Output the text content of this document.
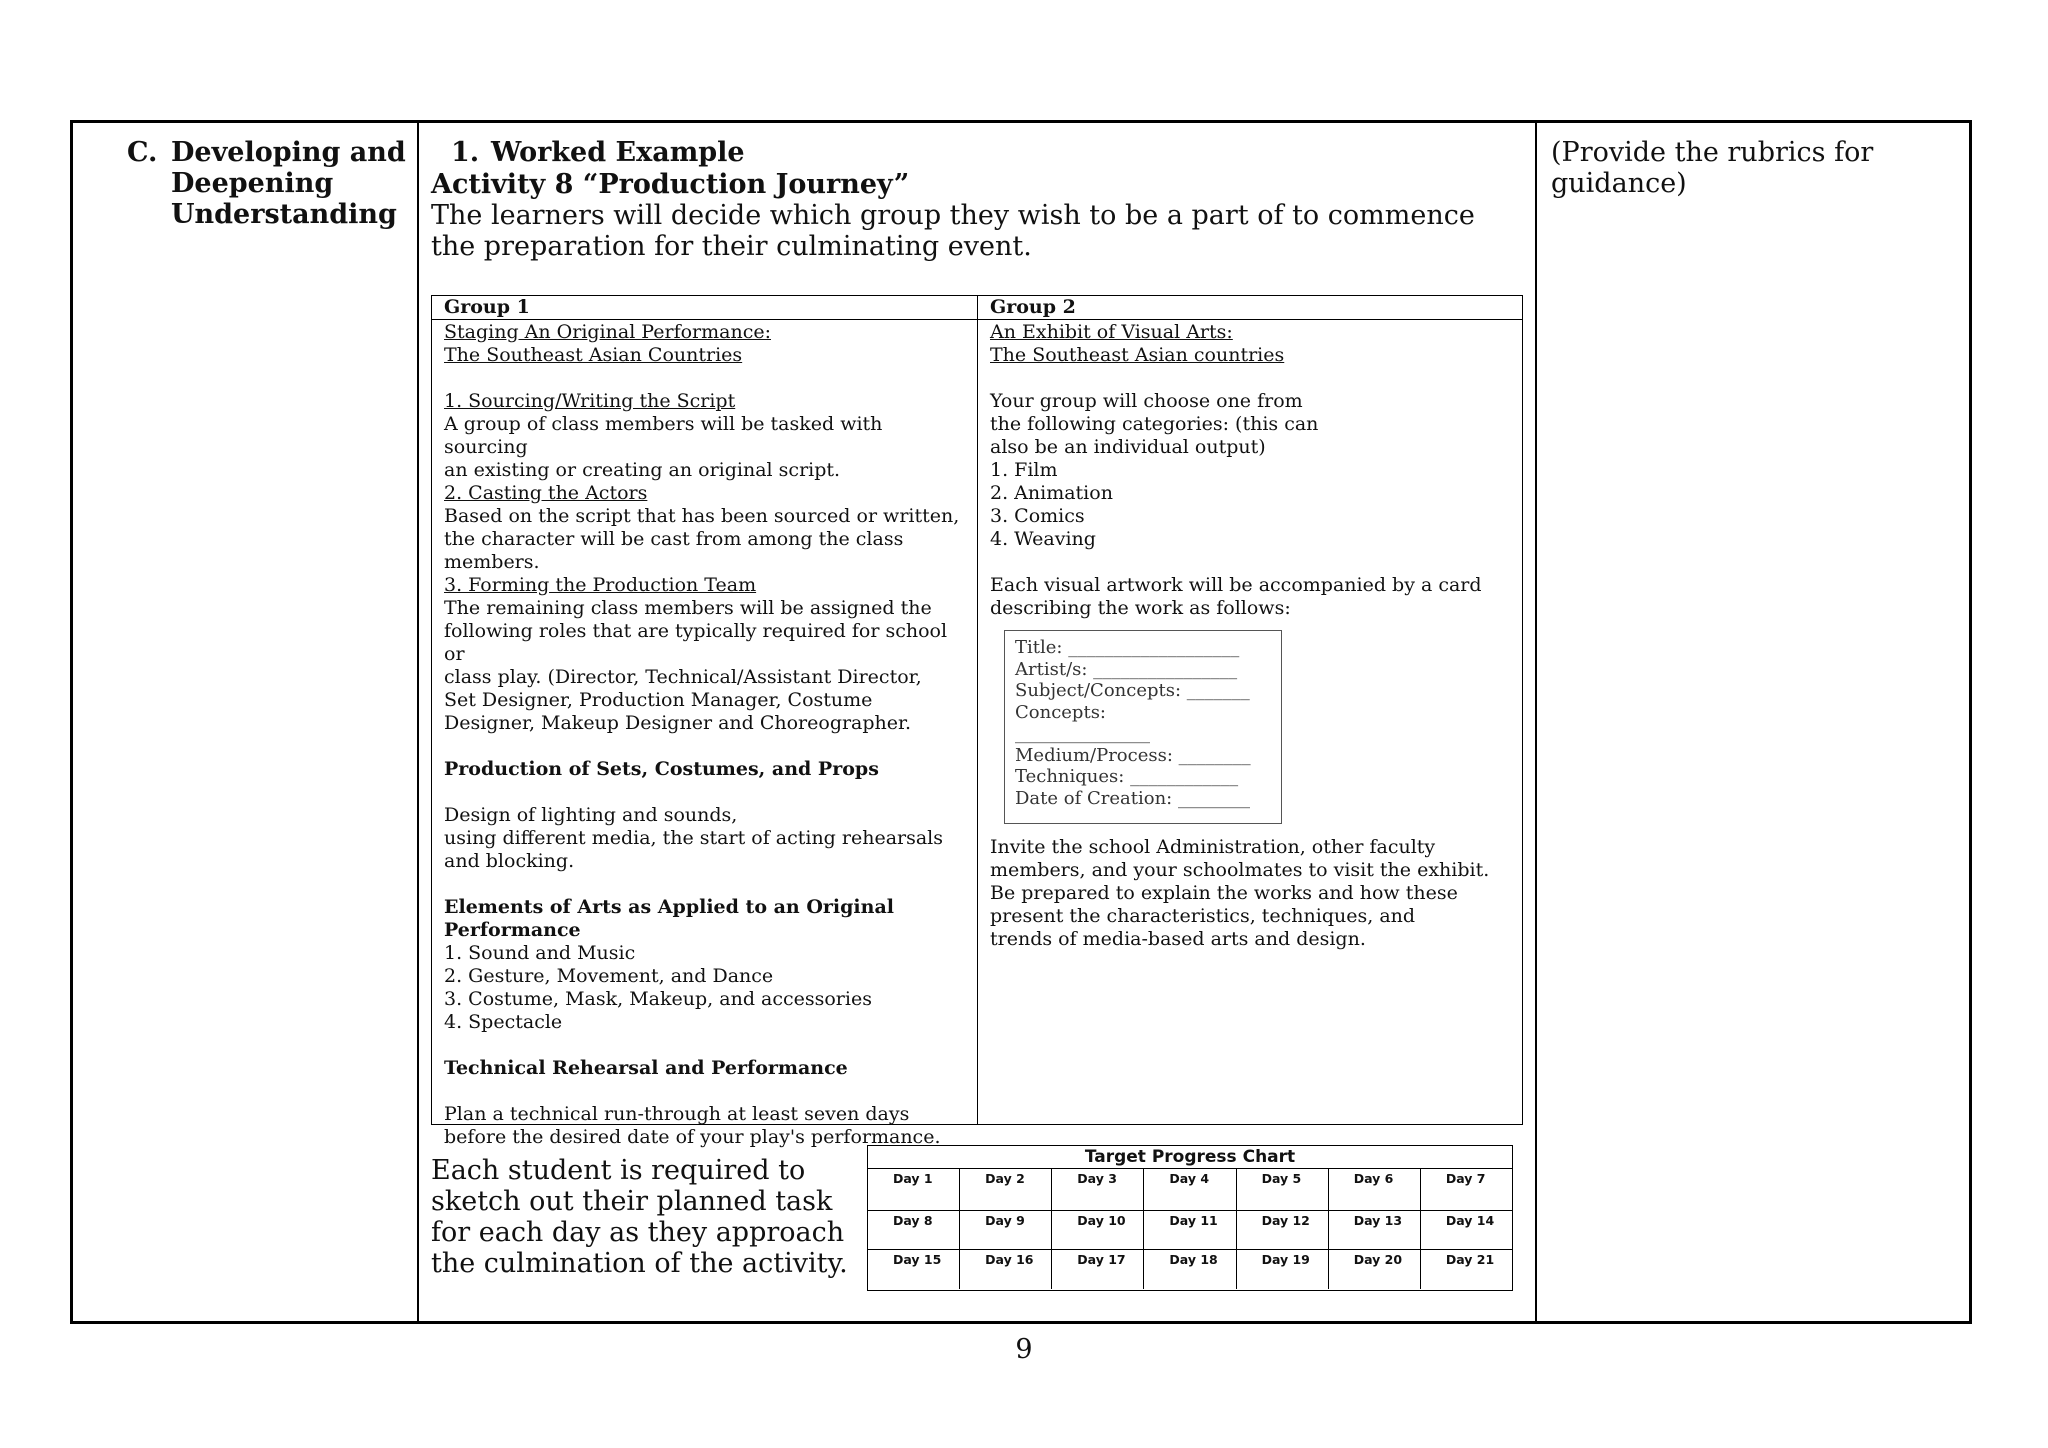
C. Developing and
Deepening
Understanding
1. Worked Example
Activity 8 “Production Journey”
The learners will decide which group they wish to be a part of to commence the preparation for their culminating event.
Group 1
Staging An Original Performance:
The Southeast Asian Countries
1. Sourcing/Writing the Script
A group of class members will be tasked with sourcing
an existing or creating an original script.
2. Casting the Actors
Based on the script that has been sourced or written,
the character will be cast from among the class
members.
3. Forming the Production Team
The remaining class members will be assigned the
following roles that are typically required for school or
class play. (Director, Technical/Assistant Director,
Set Designer, Production Manager, Costume
Designer, Makeup Designer and Choreographer.
Production of Sets, Costumes, and Props
Design of lighting and sounds,
using different media, the start of acting rehearsals
and blocking.
Elements of Arts as Applied to an Original
Performance
1. Sound and Music
2. Gesture, Movement, and Dance
3. Costume, Mask, Makeup, and accessories
4. Spectacle
Technical Rehearsal and Performance
Plan a technical run-through at least seven days
before the desired date of your play's performance.
Group 2
An Exhibit of Visual Arts:
The Southeast Asian countries
Your group will choose one from
the following categories: (this can
also be an individual output)
1. Film
2. Animation
3. Comics
4. Weaving
Each visual artwork will be accompanied by a card
describing the work as follows:
Title: ___________________
Artist/s: ________________
Subject/Concepts: _______
Concepts:
_______________
Medium/Process: ________
Techniques: ____________
Date of Creation: ________
Invite the school Administration, other faculty
members, and your schoolmates to visit the exhibit.
Be prepared to explain the works and how these
present the characteristics, techniques, and
trends of media-based arts and design.
Each student is required to sketch out their planned task for each day as they approach the culmination of the activity.
Target Progress Chart
Day 1	Day 2	Day 3	Day 4	Day 5	Day 6	Day 7
Day 8	Day 9	Day 10	Day 11	Day 12	Day 13	Day 14
Day 15	Day 16	Day 17	Day 18	Day 19	Day 20	Day 21
(Provide the rubrics for guidance)
9
